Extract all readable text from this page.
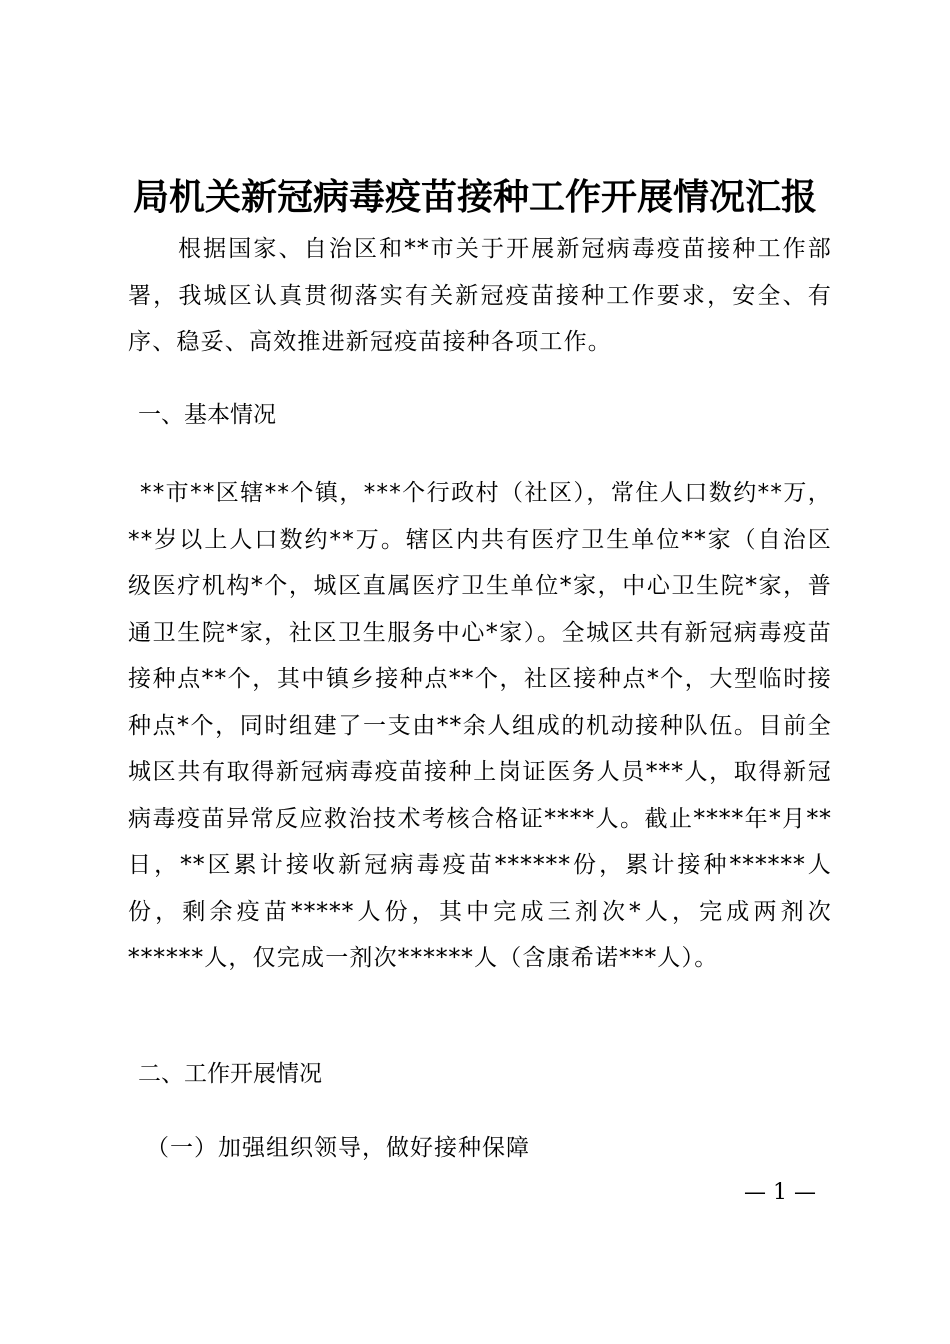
局机关新冠病毒疫苗接种工作开展情况汇报
根据国家、自治区和**市关于开展新冠病毒疫苗接种工作部署，我城区认真贯彻落实有关新冠疫苗接种工作要求，安全、有序、稳妥、高效推进新冠疫苗接种各项工作。
一、基本情况
**市**区辖**个镇，***个行政村（社区），常住人口数约**万，**岁以上人口数约**万。辖区内共有医疗卫生单位**家（自治区级医疗机构*个，城区直属医疗卫生单位*家，中心卫生院*家，普通卫生院*家，社区卫生服务中心*家）。全城区共有新冠病毒疫苗接种点**个，其中镇乡接种点**个，社区接种点*个，大型临时接种点*个，同时组建了一支由**余人组成的机动接种队伍。目前全城区共有取得新冠病毒疫苗接种上岗证医务人员***人，取得新冠病毒疫苗异常反应救治技术考核合格证****人。截止****年*月**日，**区累计接收新冠病毒疫苗******份，累计接种******人份，剩余疫苗*****人份，其中完成三剂次*人，完成两剂次******人，仅完成一剂次******人（含康希诺***人）。
二、工作开展情况
（一）加强组织领导，做好接种保障
— 1 —
